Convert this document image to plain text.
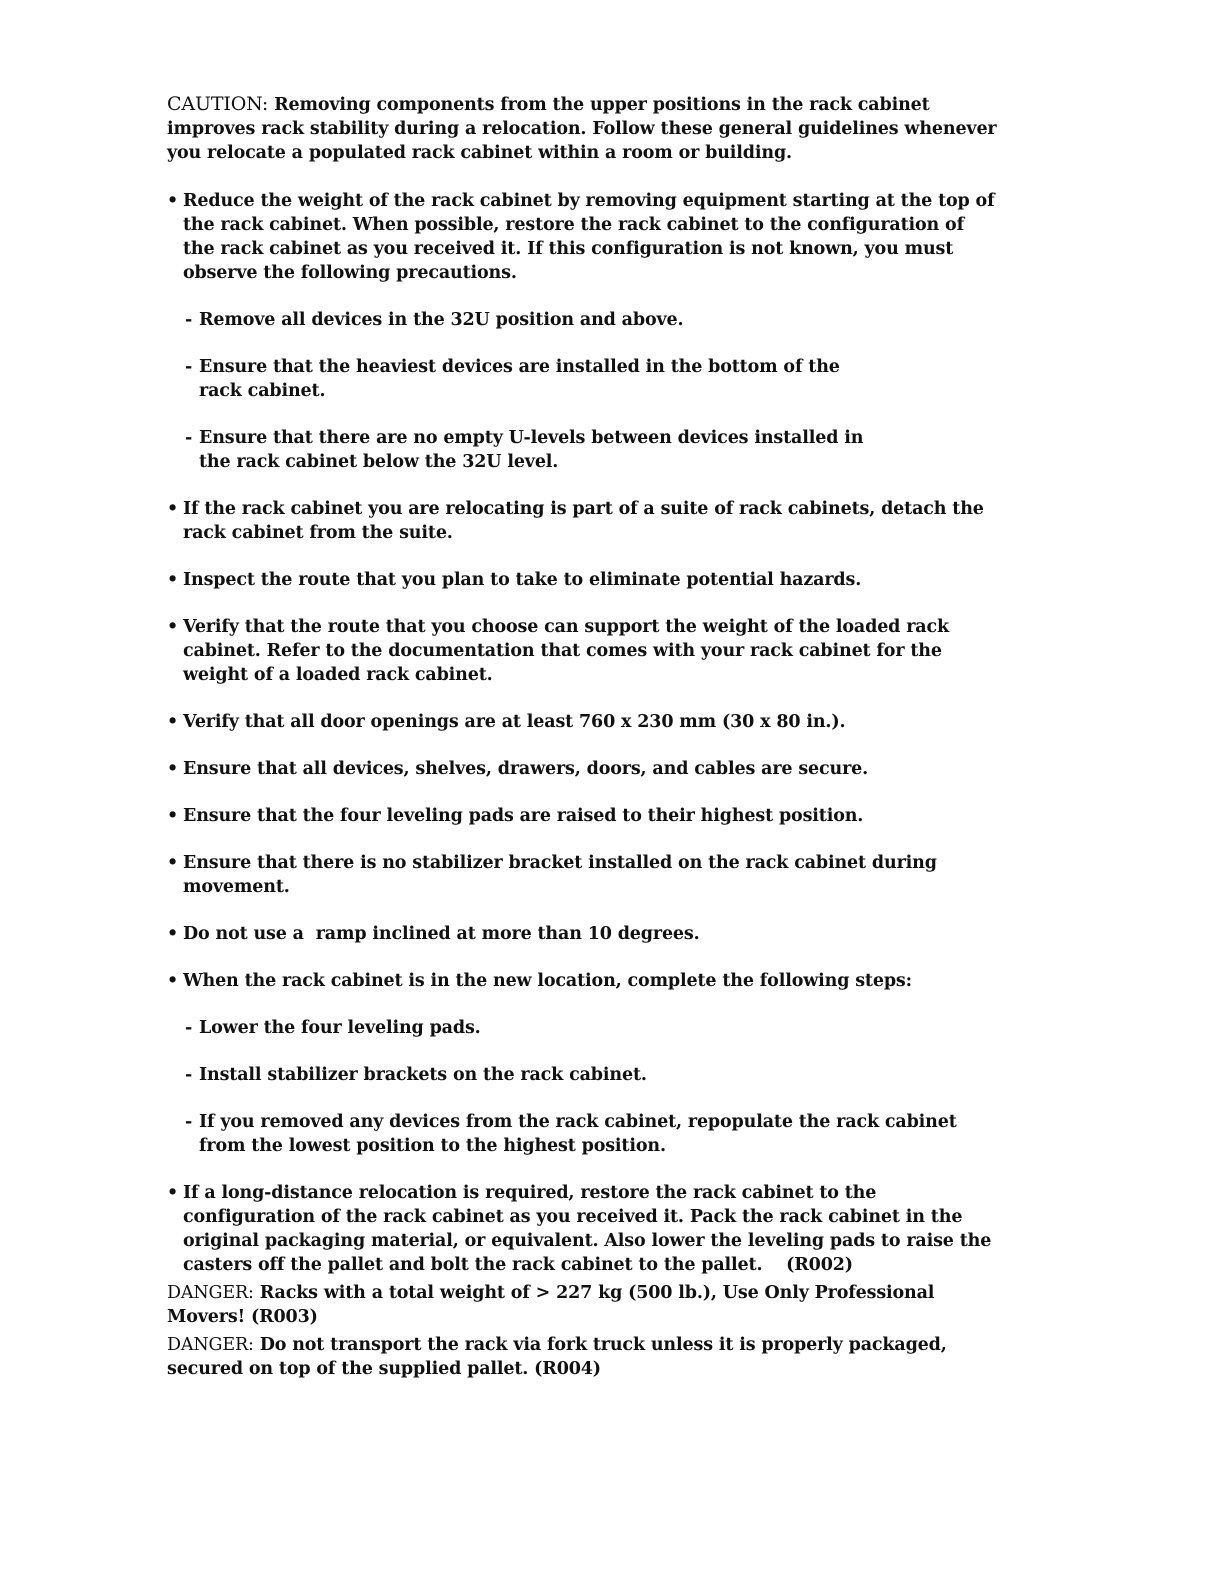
CAUTION: Removing components from the upper positions in the rack cabinet improves rack stability during a relocation. Follow these general guidelines whenever you relocate a populated rack cabinet within a room or building.

• Reduce the weight of the rack cabinet by removing equipment starting at the top of the rack cabinet. When possible, restore the rack cabinet to the configuration of the rack cabinet as you received it. If this configuration is not known, you must observe the following precautions.
- Remove all devices in the 32U position and above.
- Ensure that the heaviest devices are installed in the bottom of the rack cabinet.
- Ensure that there are no empty U-levels between devices installed in the rack cabinet below the 32U level.
• If the rack cabinet you are relocating is part of a suite of rack cabinets, detach the rack cabinet from the suite.
• Inspect the route that you plan to take to eliminate potential hazards.
• Verify that the route that you choose can support the weight of the loaded rack cabinet. Refer to the documentation that comes with your rack cabinet for the weight of a loaded rack cabinet.
• Verify that all door openings are at least 760 x 230 mm (30 x 80 in.).
• Ensure that all devices, shelves, drawers, doors, and cables are secure.
• Ensure that the four leveling pads are raised to their highest position.
• Ensure that there is no stabilizer bracket installed on the rack cabinet during movement.
• Do not use a  ramp inclined at more than 10 degrees.
• When the rack cabinet is in the new location, complete the following steps:
- Lower the four leveling pads.
- Install stabilizer brackets on the rack cabinet.
- If you removed any devices from the rack cabinet, repopulate the rack cabinet from the lowest position to the highest position.
• If a long-distance relocation is required, restore the rack cabinet to the configuration of the rack cabinet as you received it. Pack the rack cabinet in the original packaging material, or equivalent. Also lower the leveling pads to raise the casters off the pallet and bolt the rack cabinet to the pallet.    (R002)

DANGER: Racks with a total weight of > 227 kg (500 lb.), Use Only Professional Movers! (R003)

DANGER: Do not transport the rack via fork truck unless it is properly packaged, secured on top of the supplied pallet. (R004)
